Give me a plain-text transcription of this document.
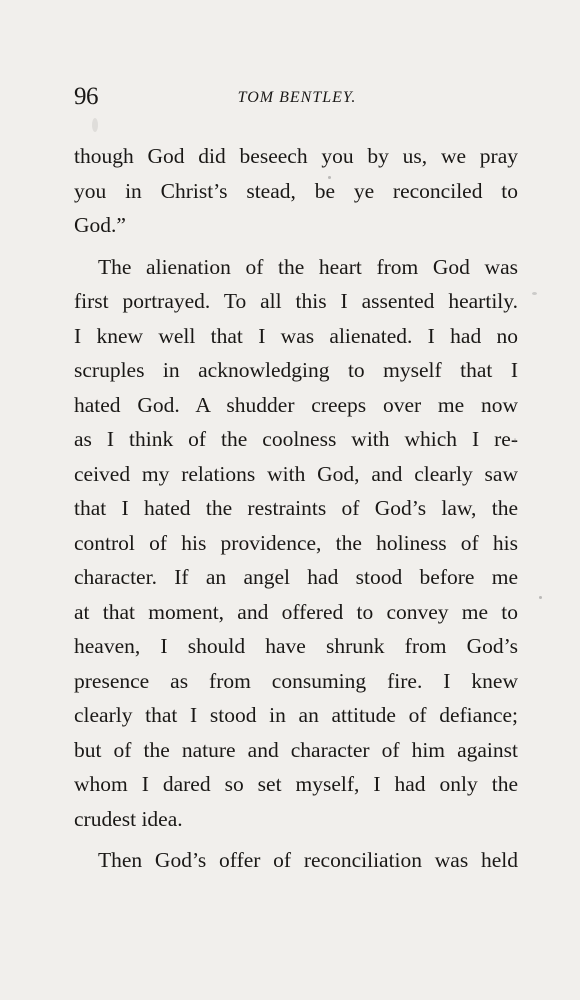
96	TOM BENTLEY.
though God did beseech you by us, we pray
you in Christ’s stead, be ye reconciled to
God.”
The alienation of the heart from God was
first portrayed. To all this I assented heartily.
I knew well that I was alienated. I had no
scruples in acknowledging to myself that I
hated God. A shudder creeps over me now
as I think of the coolness with which I re-
ceived my relations with God, and clearly saw
that I hated the restraints of God’s law, the
control of his providence, the holiness of his
character. If an angel had stood before me
at that moment, and offered to convey me to
heaven, I should have shrunk from God’s
presence as from consuming fire. I knew
clearly that I stood in an attitude of defiance;
but of the nature and character of him against
whom I dared so set myself, I had only the
crudest idea.
Then God’s offer of reconciliation was held
